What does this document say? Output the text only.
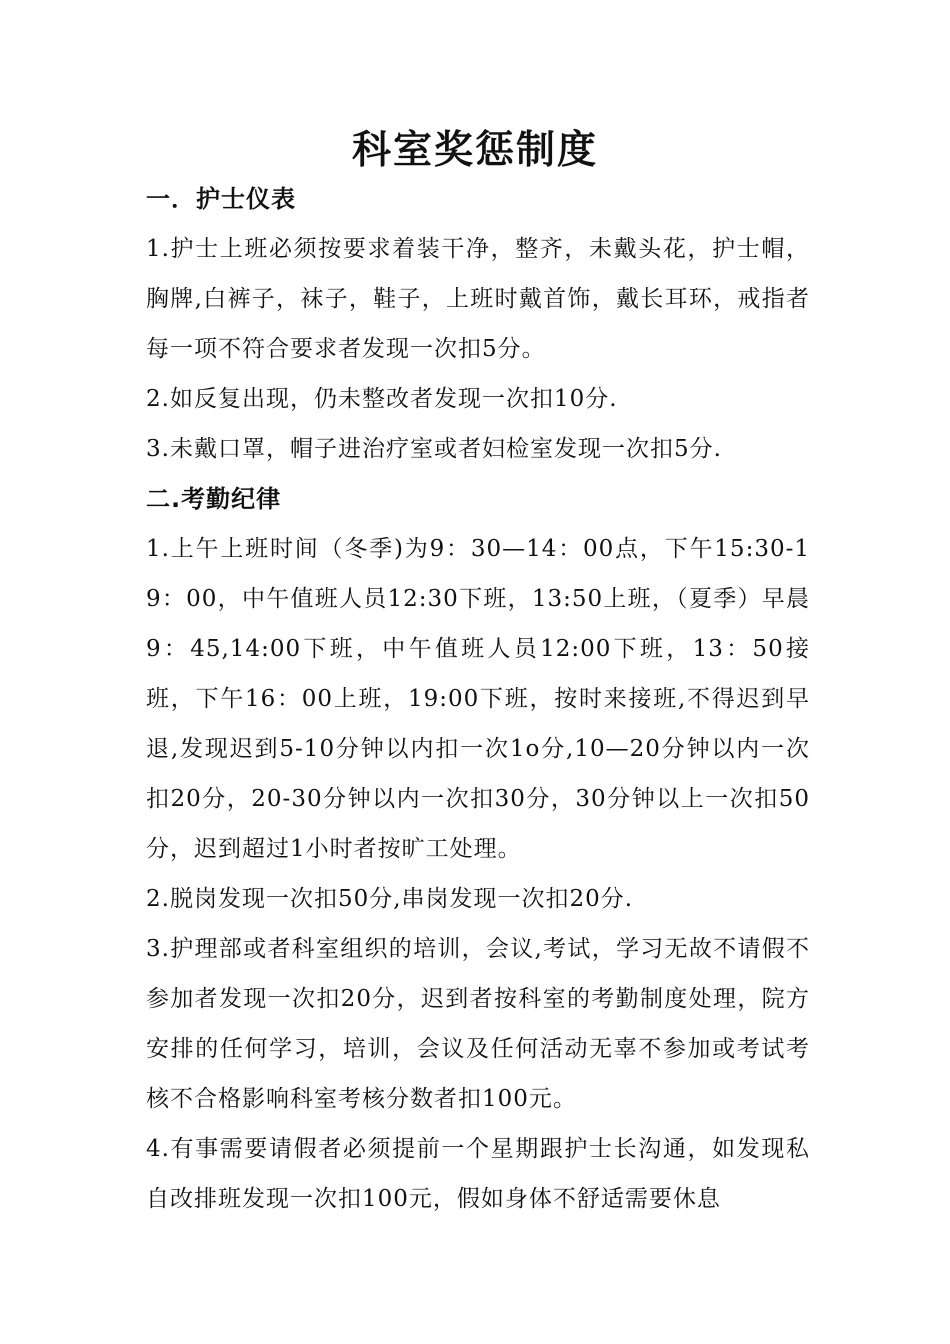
科室奖惩制度
一．护士仪表

1.护士上班必须按要求着装干净，整齐，未戴头花，护士帽，胸牌,白裤子，袜子，鞋子，上班时戴首饰，戴长耳环，戒指者每一项不符合要求者发现一次扣5分。

2.如反复出现，仍未整改者发现一次扣10分.

3.未戴口罩，帽子进治疗室或者妇检室发现一次扣5分.

二.考勤纪律

1.上午上班时间（冬季)为9：30—14：00点，下午15:30-19：00，中午值班人员12:30下班，13:50上班，（夏季）早晨9：45,14:00下班，中午值班人员12:00下班，13：50接班，下午16：00上班，19:00下班，按时来接班,不得迟到早退,发现迟到5-10分钟以内扣一次1o分,10—20分钟以内一次扣20分，20-30分钟以内一次扣30分，30分钟以上一次扣50分，迟到超过1小时者按旷工处理。

2.脱岗发现一次扣50分,串岗发现一次扣20分.

3.护理部或者科室组织的培训，会议,考试，学习无故不请假不参加者发现一次扣20分，迟到者按科室的考勤制度处理，院方安排的任何学习，培训，会议及任何活动无辜不参加或考试考核不合格影响科室考核分数者扣100元。

4.有事需要请假者必须提前一个星期跟护士长沟通，如发现私自改排班发现一次扣100元，假如身体不舒适需要休息
